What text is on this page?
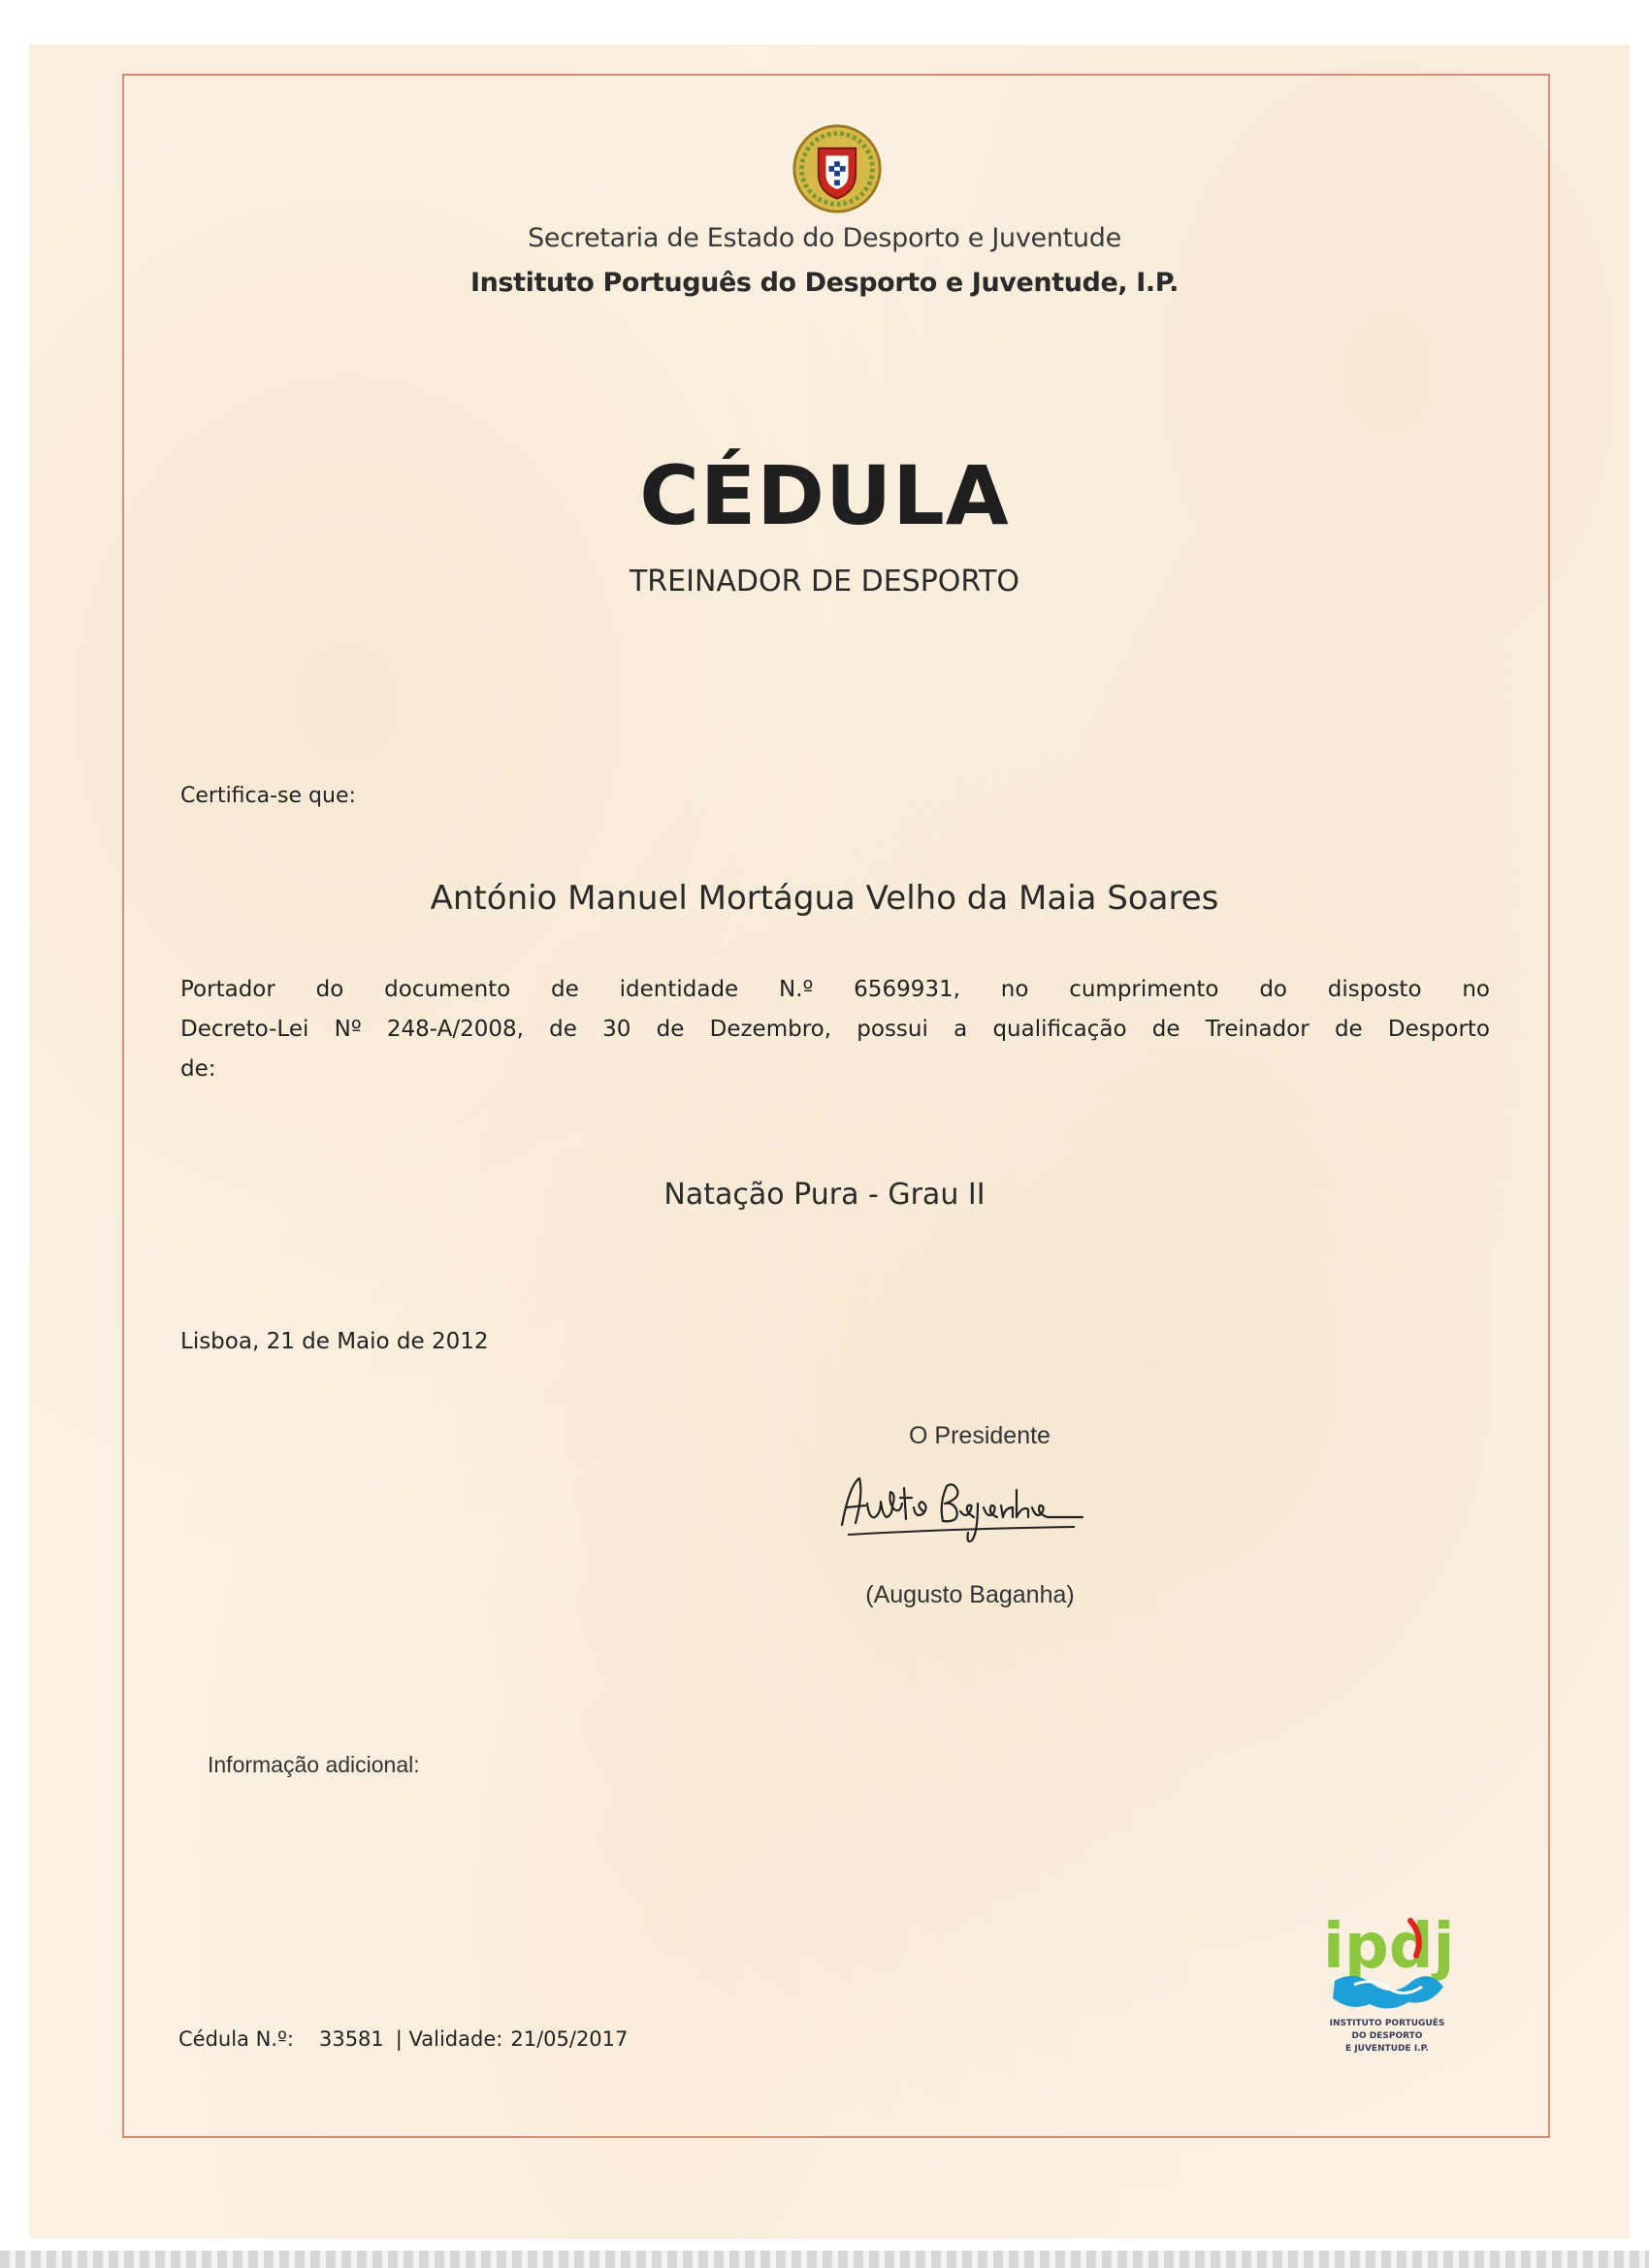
Secretaria de Estado do Desporto e Juventude
Instituto Português do Desporto e Juventude, I.P.
CÉDULA
TREINADOR DE DESPORTO
Certifica-se que:
António Manuel Mortágua Velho da Maia Soares
Portador do documento de identidade N.º 6569931, no cumprimento do disposto no
Decreto-Lei Nº 248-A/2008, de 30 de Dezembro, possui a qualificação de Treinador de Desporto
de:
Natação Pura - Grau II
Lisboa, 21 de Maio de 2012
O Presidente
(Augusto Baganha)
Informação adicional:
Cédula N.º: 33581 | Validade: 21/05/2017
ipdj
INSTITUTO PORTUGUÊS
DO DESPORTO
E JUVENTUDE I.P.
